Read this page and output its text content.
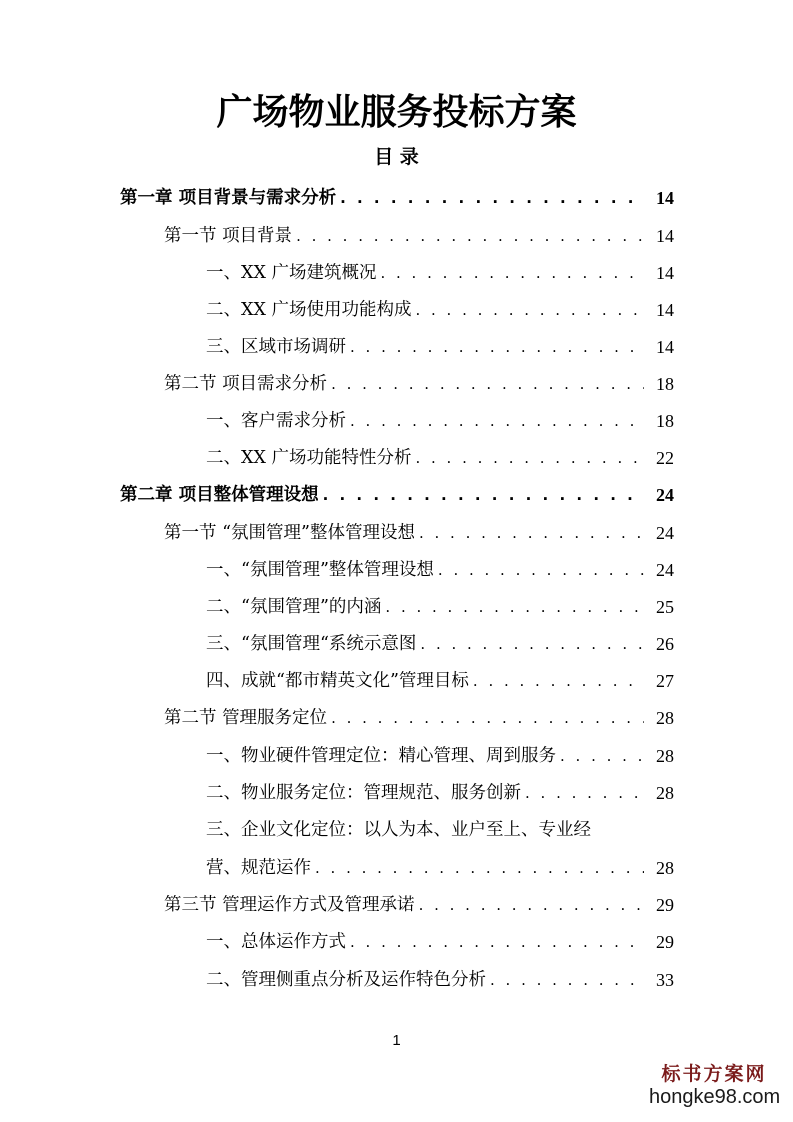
广场物业服务投标方案
目 录
第一章 项目背景与需求分析 . . .	14
第一节 项目背景 . . .	14
一、XX 广场建筑概况 . . .	14
二、XX 广场使用功能构成 . . .	14
三、区域市场调研 . . .	14
第二节 项目需求分析 . . .	18
一、客户需求分析 . . .	18
二、XX 广场功能特性分析 . . .	22
第二章 项目整体管理设想 . . .	24
第一节 “氛围管理”整体管理设想 . . .	24
一、“氛围管理”整体管理设想 . . .	24
二、“氛围管理”的内涵 . . .	25
三、“氛围管理“系统示意图 . . .	26
四、成就“都市精英文化”管理目标 . . .	27
第二节 管理服务定位 . . .	28
一、物业硬件管理定位：精心管理、周到服务 . . .	28
二、物业服务定位：管理规范、服务创新 . . .	28
三、企业文化定位：以人为本、业户至上、专业经
营、规范运作 . . .	28
第三节 管理运作方式及管理承诺 . . .	29
一、总体运作方式 . . .	29
二、管理侧重点分析及运作特色分析 . . .	33
1
标书方案网
hongke98.com
